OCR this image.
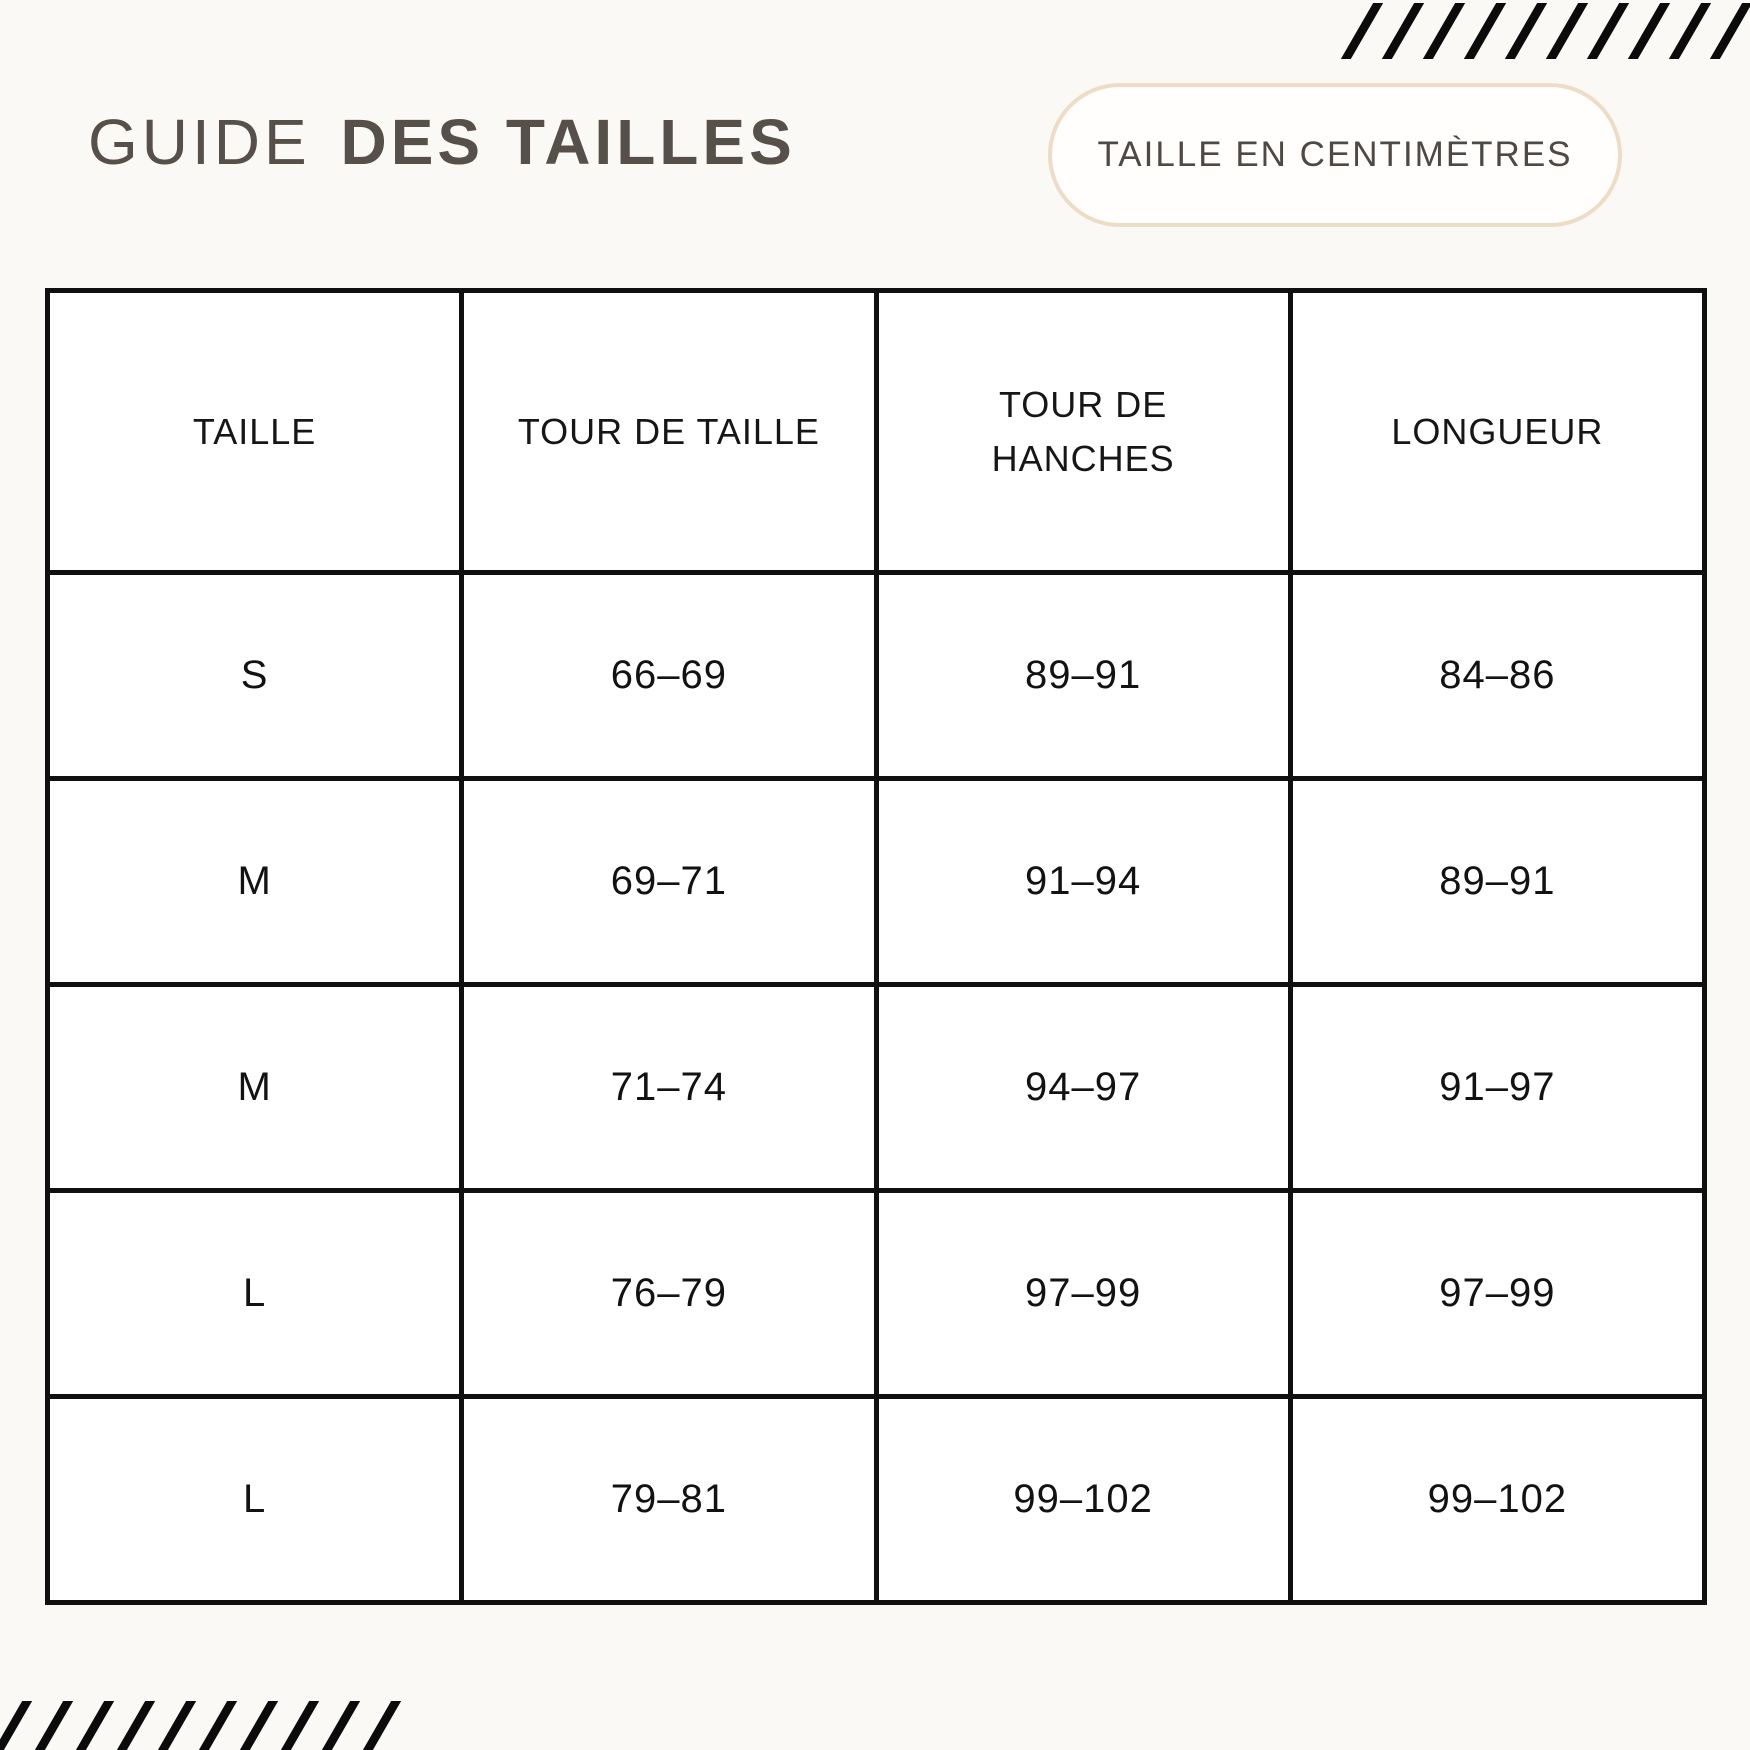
GUIDE DES TAILLES	TAILLE EN CENTIMÈTRES
TAILLE	TOUR DE TAILLE	TOUR DE HANCHES	LONGUEUR
S	66–69	89–91	84–86
M	69–71	91–94	89–91
M	71–74	94–97	91–97
L	76–79	97–99	97–99
L	79–81	99–102	99–102
